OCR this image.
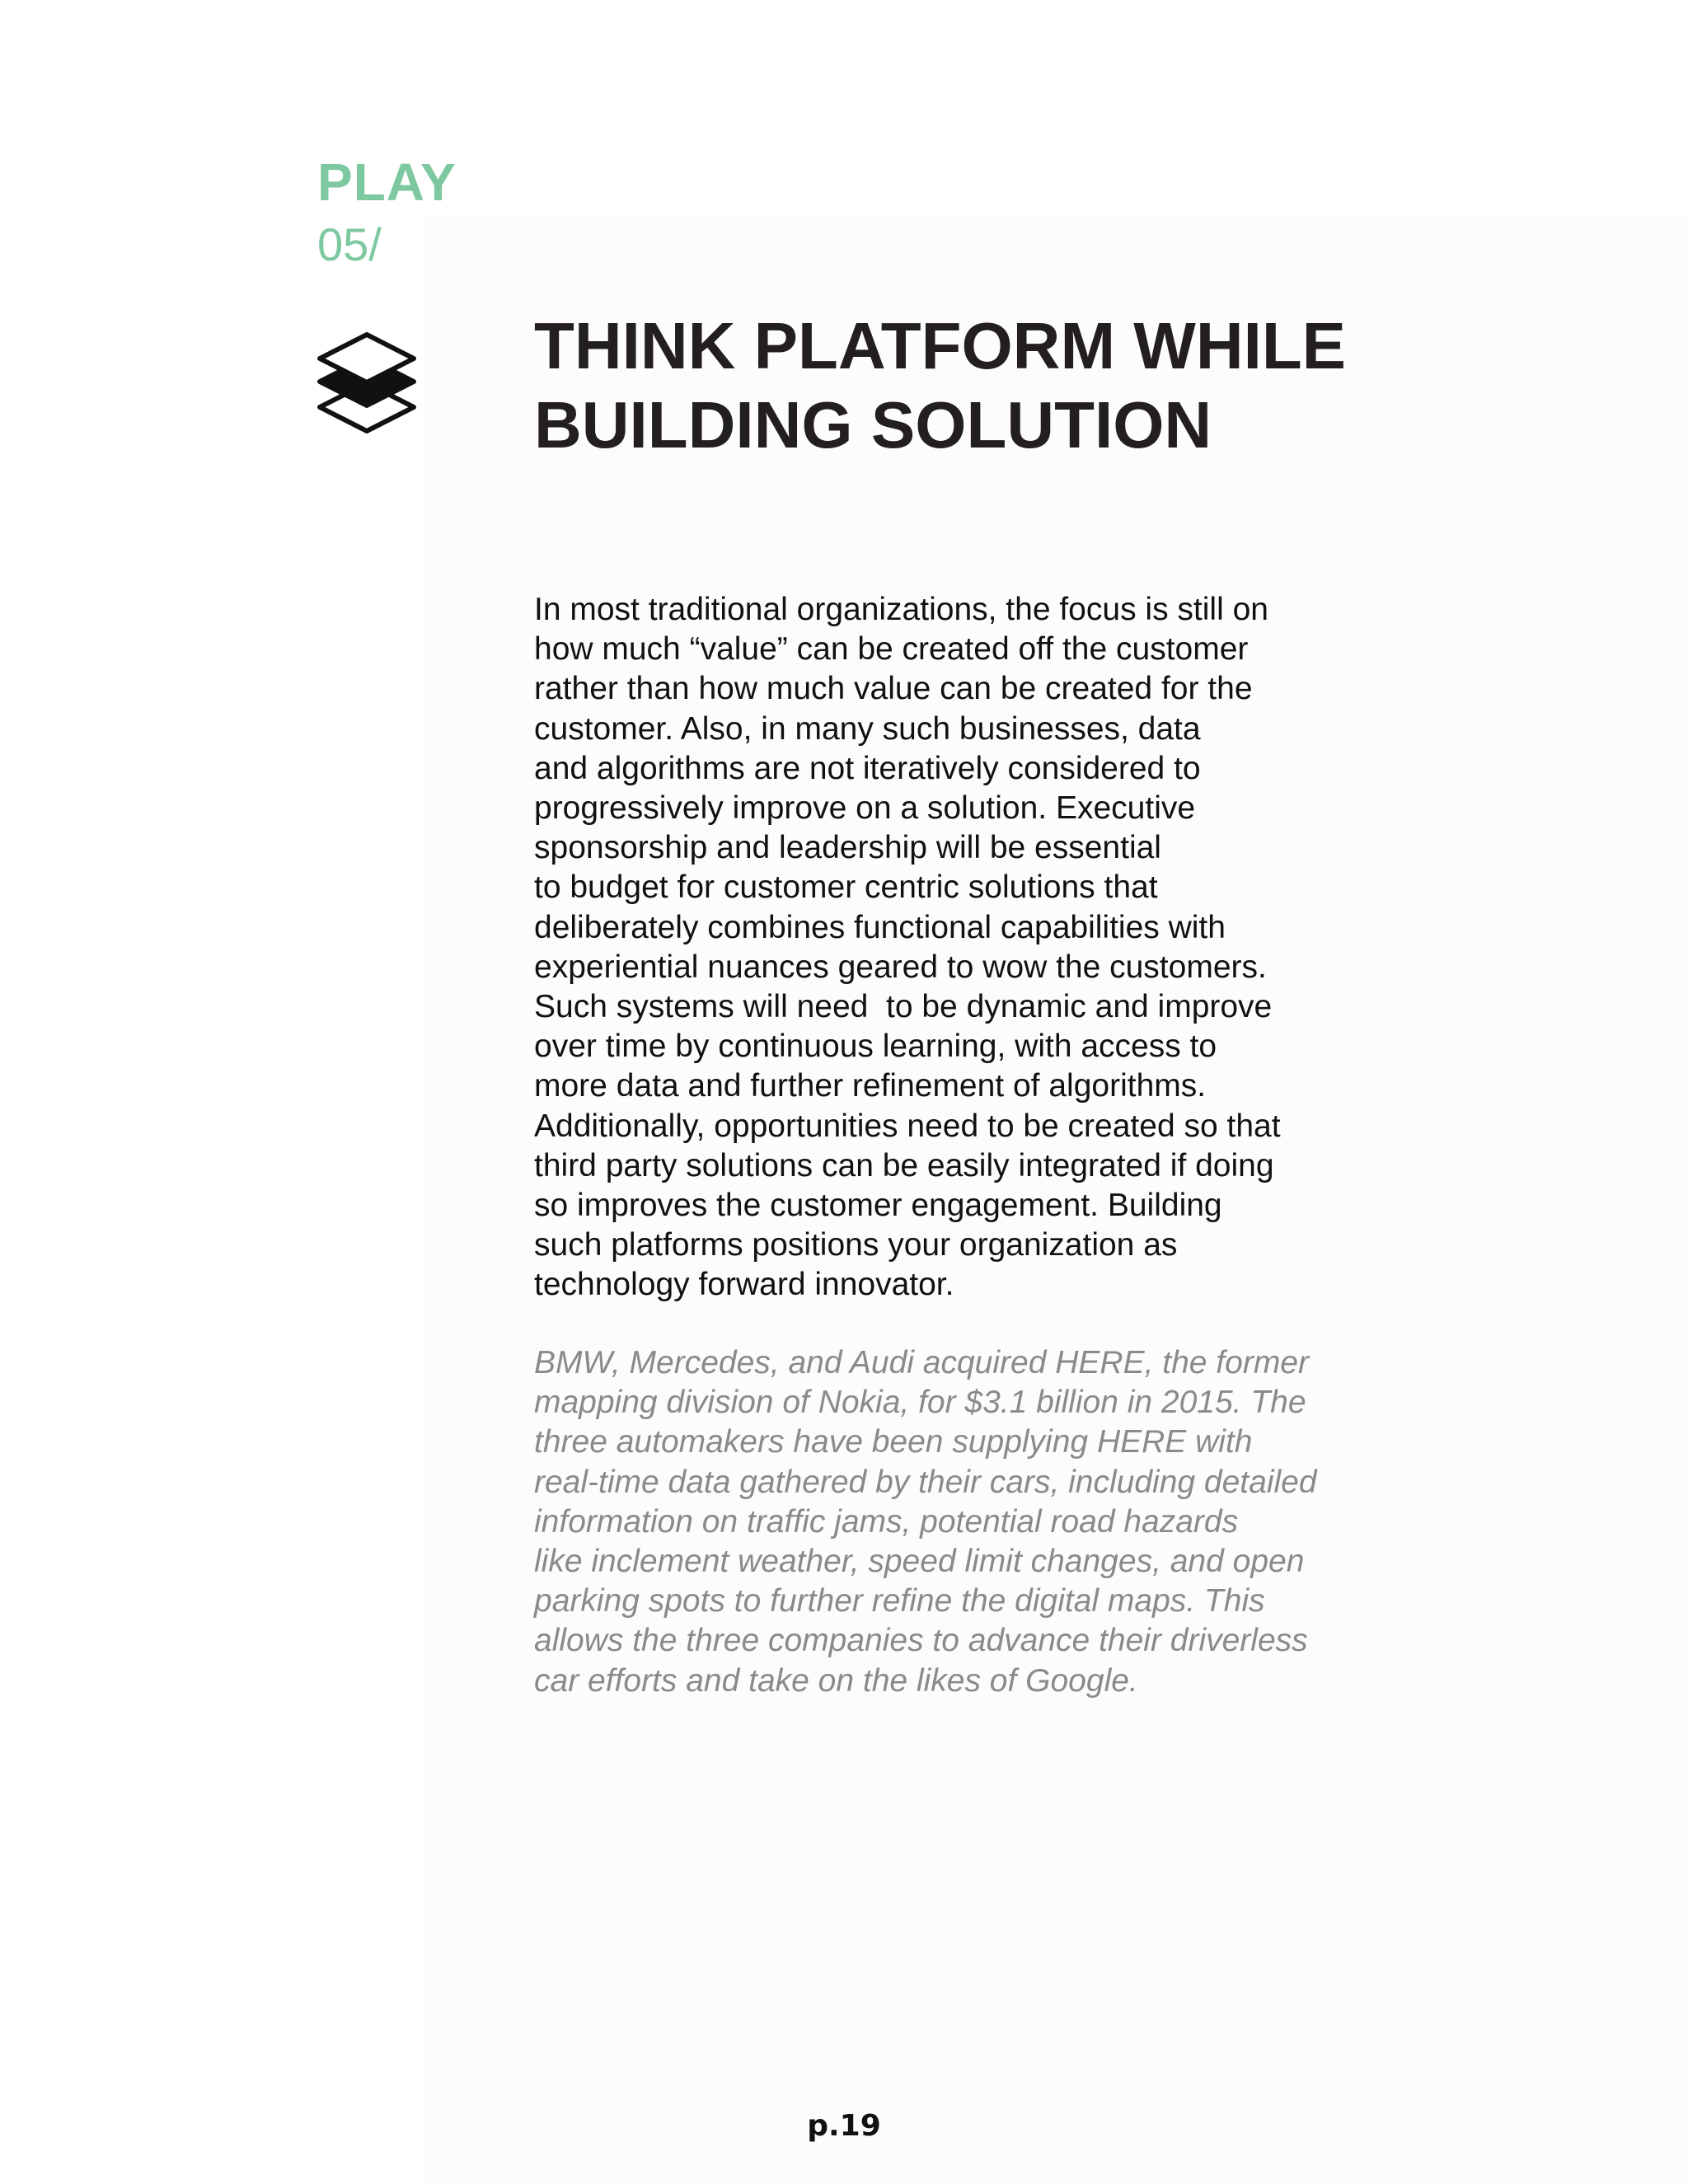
PLAY
05/
THINK PLATFORM WHILE
BUILDING SOLUTION
In most traditional organizations, the focus is still on
how much “value” can be created off the customer
rather than how much value can be created for the
customer. Also, in many such businesses, data
and algorithms are not iteratively considered to
progressively improve on a solution. Executive
sponsorship and leadership will be essential
to budget for customer centric solutions that
deliberately combines functional capabilities with
experiential nuances geared to wow the customers.
Such systems will need  to be dynamic and improve
over time by continuous learning, with access to
more data and further refinement of algorithms.
Additionally, opportunities need to be created so that
third party solutions can be easily integrated if doing
so improves the customer engagement. Building
such platforms positions your organization as
technology forward innovator.
BMW, Mercedes, and Audi acquired HERE, the former
mapping division of Nokia, for $3.1 billion in 2015. The
three automakers have been supplying HERE with
real-time data gathered by their cars, including detailed
information on traffic jams, potential road hazards
like inclement weather, speed limit changes, and open
parking spots to further refine the digital maps. This
allows the three companies to advance their driverless
car efforts and take on the likes of Google.
p.19
